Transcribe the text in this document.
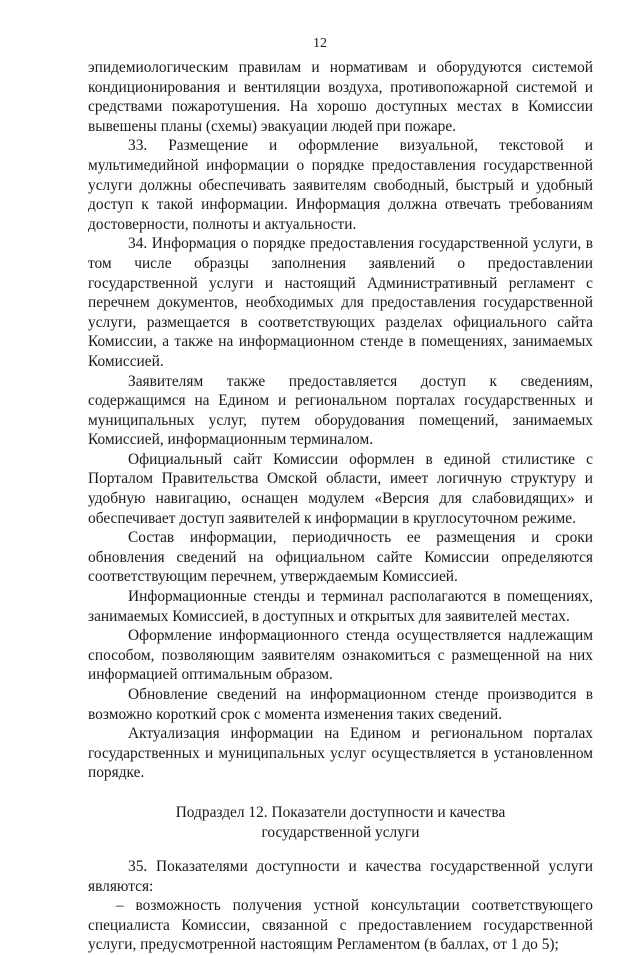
12

эпидемиологическим правилам и нормативам и оборудуются системой кондиционирования и вентиляции воздуха, противопожарной системой и средствами пожаротушения. На хорошо доступных местах в Комиссии вывешены планы (схемы) эвакуации людей при пожаре.

33. Размещение и оформление визуальной, текстовой и мультимедийной информации о порядке предоставления государственной услуги должны обеспечивать заявителям свободный, быстрый и удобный доступ к такой информации. Информация должна отвечать требованиям достоверности, полноты и актуальности.

34. Информация о порядке предоставления государственной услуги, в том числе образцы заполнения заявлений о предоставлении государственной услуги и настоящий Административный регламент с перечнем документов, необходимых для предоставления государственной услуги, размещается в соответствующих разделах официального сайта Комиссии, а также на информационном стенде в помещениях, занимаемых Комиссией.

Заявителям также предоставляется доступ к сведениям, содержащимся на Едином и региональном порталах государственных и муниципальных услуг, путем оборудования помещений, занимаемых Комиссией, информационным терминалом.

Официальный сайт Комиссии оформлен в единой стилистике с Порталом Правительства Омской области, имеет логичную структуру и удобную навигацию, оснащен модулем «Версия для слабовидящих» и обеспечивает доступ заявителей к информации в круглосуточном режиме.

Состав информации, периодичность ее размещения и сроки обновления сведений на официальном сайте Комиссии определяются соответствующим перечнем, утверждаемым Комиссией.

Информационные стенды и терминал располагаются в помещениях, занимаемых Комиссией, в доступных и открытых для заявителей местах.

Оформление информационного стенда осуществляется надлежащим способом, позволяющим заявителям ознакомиться с размещенной на них информацией оптимальным образом.

Обновление сведений на информационном стенде производится в возможно короткий срок с момента изменения таких сведений.

Актуализация информации на Едином и региональном порталах государственных и муниципальных услуг осуществляется в установленном порядке.

Подраздел 12. Показатели доступности и качества
государственной услуги

35. Показателями доступности и качества государственной услуги являются:

– возможность получения устной консультации соответствующего специалиста Комиссии, связанной с предоставлением государственной услуги, предусмотренной настоящим Регламентом (в баллах, от 1 до 5);
